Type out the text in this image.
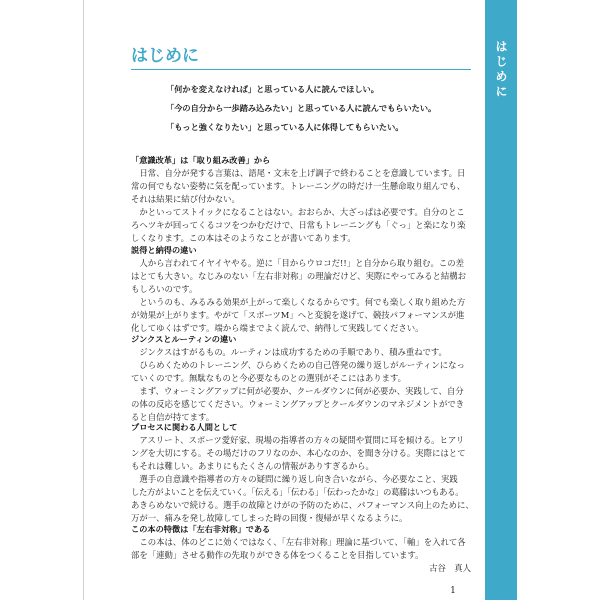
はじめに
はじめに
「何かを変えなければ」と思っている人に読んでほしい。
「今の自分から一歩踏み込みたい」と思っている人に読んでもらいたい。
「もっと強くなりたい」と思っている人に体得してもらいたい。
「意識改革」は「取り組み改善」から
　日常、自分が発する言葉は、語尾・文末を上げ調子で終わることを意識しています。日
常の何でもない姿勢に気を配っています。トレーニングの時だけ一生懸命取り組んでも、
それは結果に結び付かない。
　かといってストイックになることはない。おおらか、大ざっぱは必要です。自分のとこ
ろへツキが回ってくるコツをつかむだけで、日常もトレーニングも「ぐっ」と楽になり楽
しくなります。この本はそのようなことが書いてあります。
説得と納得の違い
　人から言われてイヤイヤやる。逆に「目からウロコだ!!」と自分から取り組む。この差
はとても大きい。なじみのない「左右非対称」の理論だけど、実際にやってみると結構お
もしろいのです。
　というのも、みるみる効果が上がって楽しくなるからです。何でも楽しく取り組めた方
が効果が上がります。やがて「スポーツM」へと変貌を遂げて、競技パフォーマンスが進
化してゆくはずです。端から端までよく読んで、納得して実践してください。
ジンクスとルーティンの違い
　ジンクスはすがるもの。ルーティンは成功するための手順であり、積み重ねです。
　ひらめくためのトレーニング、ひらめくための自己啓発の繰り返しがルーティンになっ
ていくのです。無駄なものと今必要なものとの選別がそこにはあります。
　まず、ウォーミングアップに何が必要か、クールダウンに何が必要か、実践して、自分
の体の反応を感じてください。ウォーミングアップとクールダウンのマネジメントができ
ると自信が持てます。
プロセスに関わる人間として
　アスリート、スポーツ愛好家、現場の指導者の方々の疑問や質問に耳を傾ける。ヒアリ
ングを大切にする。その場だけのフリなのか、本心なのか、を聞き分ける。実際にはとて
もそれは難しい。あまりにもたくさんの情報がありすぎるから。
　選手の自意識や指導者の方々の疑問に繰り返し向き合いながら、今必要なこと、実践
した方がよいことを伝えていく。「伝える」「伝わる」「伝わったかな」の葛藤はいつもある。
あきらめないで続ける。選手の故障とけがの予防のために、パフォーマンス向上のために、
万が一、痛みを発し故障してしまった時の回復・復帰が早くなるように。
この本の特徴は「左右非対称」である
　この本は、体のどこに効くではなく、「左右非対称」理論に基づいて、「軸」を入れて各
部を「連動」させる動作の先取りができる体をつくることを目指しています。
古谷　真人
1
